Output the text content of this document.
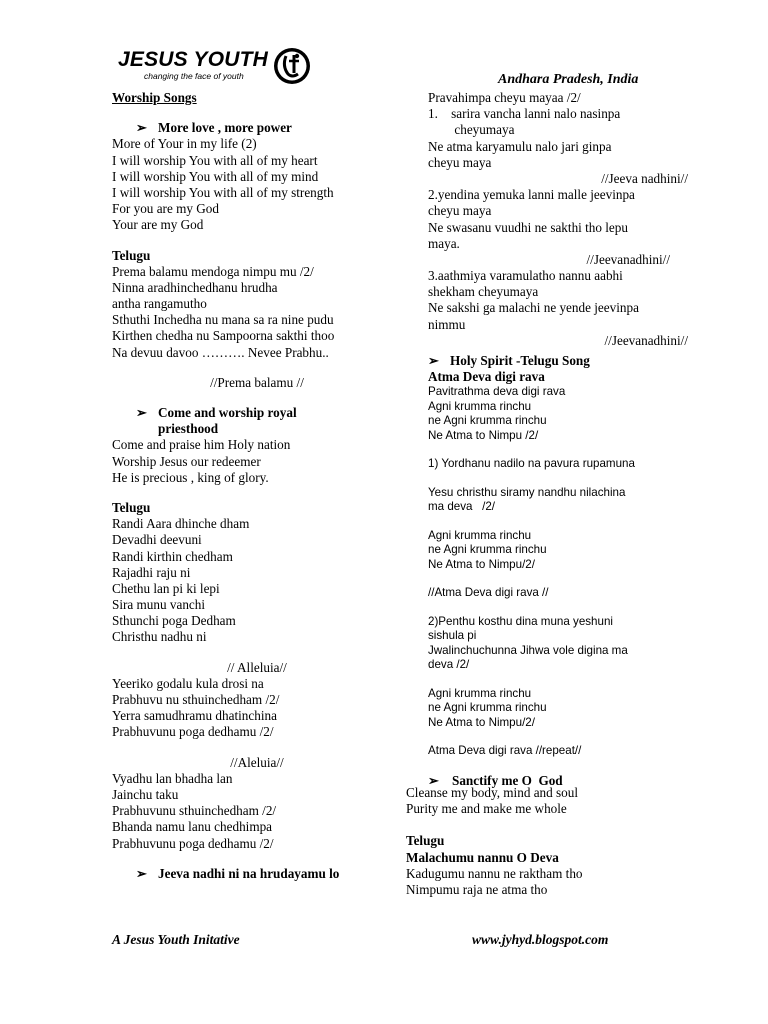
JESUS YOUTH
changing the face of youth	Andhara Pradesh, India
Worship Songs
➢ More love , more power
More of Your in my life (2)
I will worship You with all of my heart
I will worship You with all of my mind
I will worship You with all of my strength
For you are my God
Your are my God
Telugu
Prema balamu mendoga nimpu mu /2/
Ninna aradhinchedhanu hrudha
antha rangamutho
Sthuthi Inchedha nu mana sa ra nine pudu
Kirthen chedha nu Sampoorna sakthi thoo
Na devuu davoo ………. Nevee Prabhu..
//Prema balamu //
➢ Come and worship royal
priesthood
Come and praise him Holy nation
Worship Jesus our redeemer
He is precious , king of glory.
Telugu
Randi Aara dhinche dham
Devadhi deevuni
Randi kirthin chedham
Rajadhi raju ni
Chethu lan pi ki lepi
Sira munu vanchi
Sthunchi poga Dedham
Christhu nadhu ni
// Alleluia//
Yeeriko godalu kula drosi na
Prabhuvu nu sthuinchedham /2/
Yerra samudhramu dhatinchina
Prabhuvunu poga dedhamu /2/
//Aleluia//
Vyadhu lan bhadha lan
Jainchu taku
Prabhuvunu sthuinchedham /2/
Bhanda namu lanu chedhimpa
Prabhuvunu poga dedhamu /2/
➢ Jeeva nadhi ni na hrudayamu lo
Pravahimpa cheyu mayaa /2/
1.    sarira vancha lanni nalo nasinpa
cheyumaya
Ne atma karyamulu nalo jari ginpa
cheyu maya
//Jeeva nadhini//
2.yendina yemuka lanni malle jeevinpa
cheyu maya
Ne swasanu vuudhi ne sakthi tho lepu
maya.
//Jeevanadhini//
3.aathmiya varamulatho nannu aabhi
shekham cheyumaya
Ne sakshi ga malachi ne yende jeevinpa
nimmu
//Jeevanadhini//
➢ Holy Spirit -Telugu Song
Atma Deva digi rava
Pavitrathma deva digi rava
Agni krumma rinchu
ne Agni krumma rinchu
Ne Atma to Nimpu /2/
1) Yordhanu nadilo na pavura rupamuna
Yesu christhu siramy nandhu nilachina
ma deva   /2/
Agni krumma rinchu
ne Agni krumma rinchu
Ne Atma to Nimpu/2/
//Atma Deva digi rava //
2)Penthu kosthu dina muna yeshuni
sishula pi
Jwalinchuchunna Jihwa vole digina ma
deva /2/
Agni krumma rinchu
ne Agni krumma rinchu
Ne Atma to Nimpu/2/
Atma Deva digi rava //repeat//
➢ Sanctify me O  God
Cleanse my body, mind and soul
Purity me and make me whole
Telugu
Malachumu nannu O Deva
Kadugumu nannu ne raktham tho
Nimpumu raja ne atma tho
A Jesus Youth Initative	www.jyhyd.blogspot.com
